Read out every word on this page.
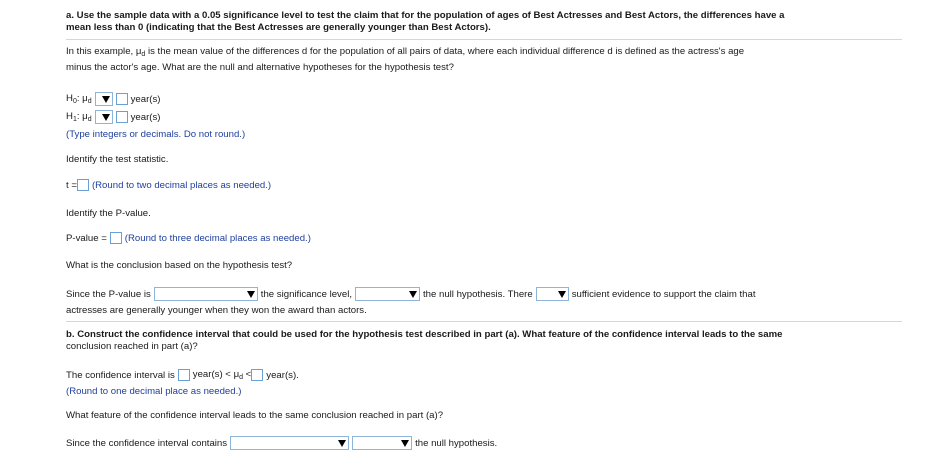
a. Use the sample data with a 0.05 significance level to test the claim that for the population of ages of Best Actresses and Best Actors, the differences have a
mean less than 0 (indicating that the Best Actresses are generally younger than Best Actors).
In this example, $\mu_d$ is the mean value of the differences d for the population of all pairs of data, where each individual difference d is defined as the actress's age
minus the actor's age. What are the null and alternative hypotheses for the hypothesis test?
$H_0$: $\mu_d$	year(s)
$H_1$: $\mu_d$	year(s)
(Type integers or decimals. Do not round.)
Identify the test statistic.
t = (Round to two decimal places as needed.)
Identify the P-value.
P-value = (Round to three decimal places as needed.)
What is the conclusion based on the hypothesis test?
Since the P-value is	the significance level,	the null hypothesis. There	sufficient evidence to support the claim that
actresses are generally younger when they won the award than actors.
b. Construct the confidence interval that could be used for the hypothesis test described in part (a). What feature of the confidence interval leads to the same
conclusion reached in part (a)?
The confidence interval is year(s) < $\mu_d$ < year(s).
(Round to one decimal place as needed.)
What feature of the confidence interval leads to the same conclusion reached in part (a)?
Since the confidence interval contains	the null hypothesis.
